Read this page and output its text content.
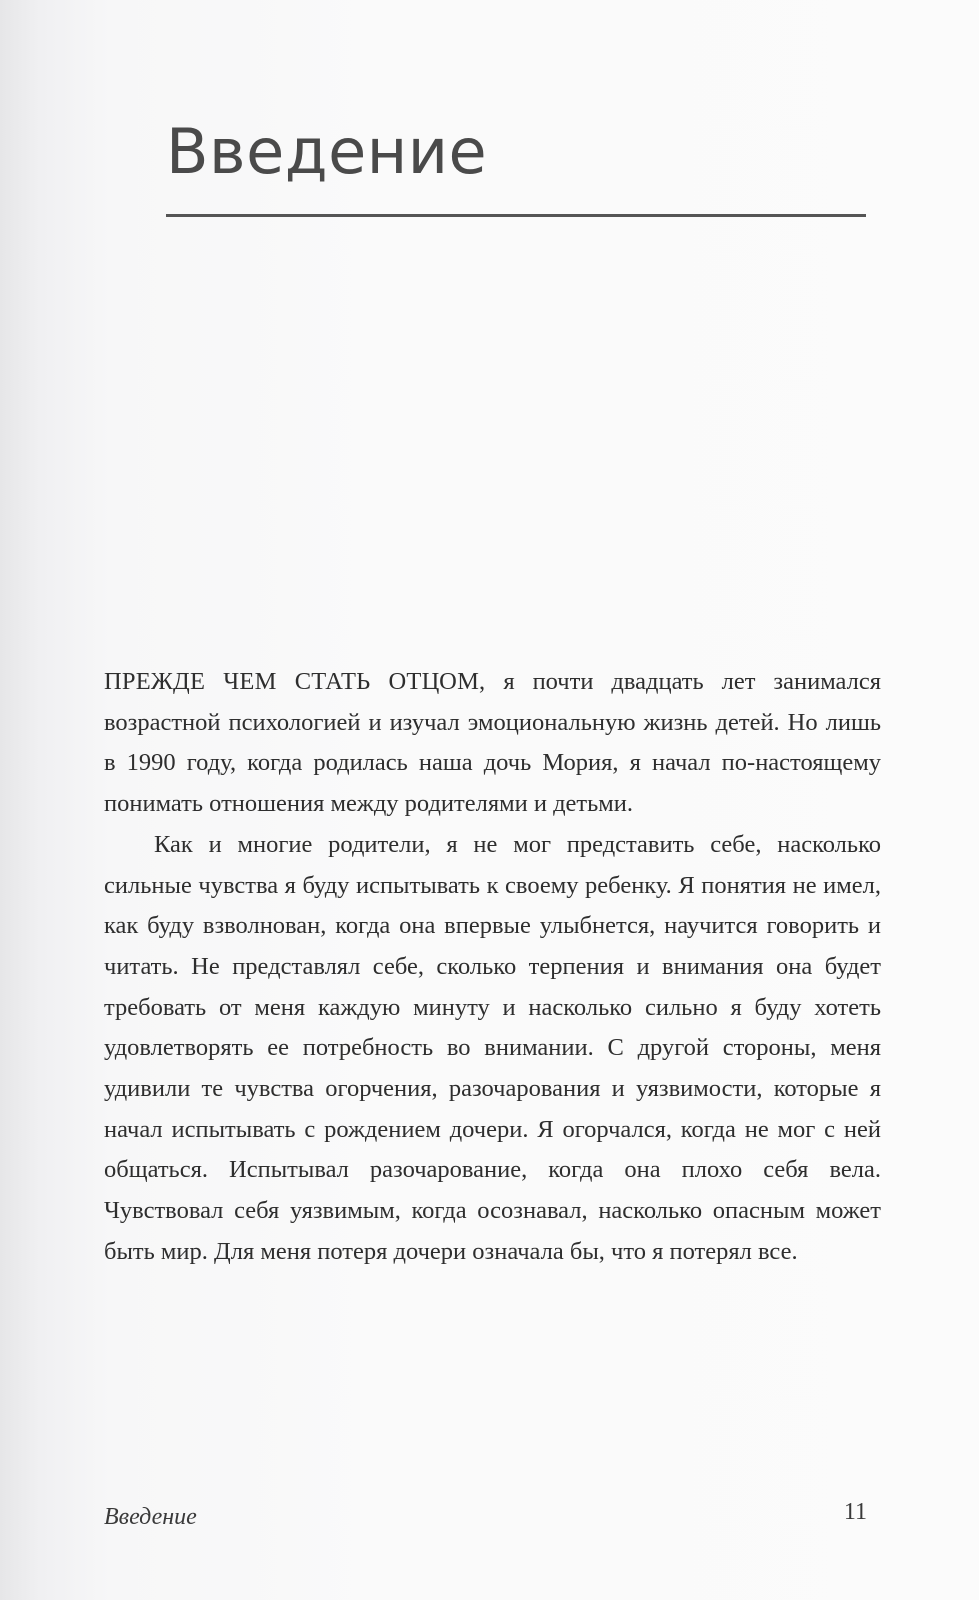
Введение

ПРЕЖДЕ ЧЕМ СТАТЬ ОТЦОМ, я почти двадцать лет занимался возрастной психологией и изучал эмоциональную жизнь детей. Но лишь в 1990 году, когда родилась наша дочь Мория, я начал по-настоящему понимать отношения между родителями и детьми.

Как и многие родители, я не мог представить себе, насколько сильные чувства я буду испытывать к своему ребенку. Я понятия не имел, как буду взволнован, когда она впервые улыбнется, научится говорить и читать. Не представлял себе, сколько терпения и внимания она будет требовать от меня каждую минуту и насколько сильно я буду хотеть удовлетворять ее потребность во внимании. С другой стороны, меня удивили те чувства огорчения, разочарования и уязвимости, которые я начал испытывать с рождением дочери. Я огорчался, когда не мог с ней общаться. Испытывал разочарование, когда она плохо себя вела. Чувствовал себя уязвимым, когда осознавал, насколько опасным может быть мир. Для меня потеря дочери означала бы, что я потерял все.

Введение	11
